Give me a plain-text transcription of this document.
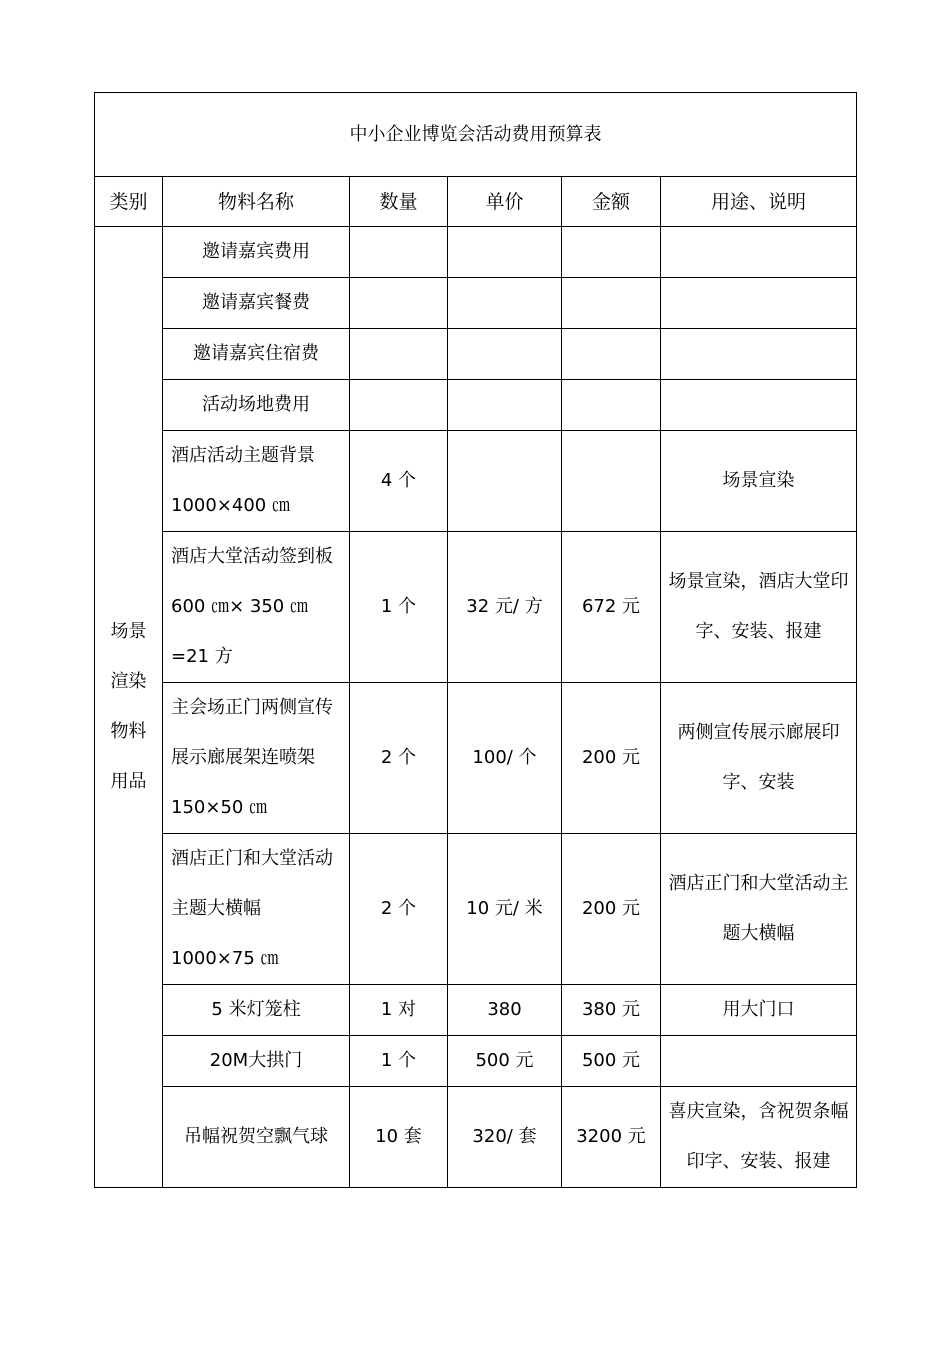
中小企业博览会活动费用预算表					
类别	物料名称	数量	单价	金额	用途、说明

场景渲染物料用品	邀请嘉宾费用				
	邀请嘉宾餐费				
	邀请嘉宾住宿费				
	活动场地费用				
	酒店活动主题背景 1000×400 ㎝	4 个			场景宣染
	酒店大堂活动签到板 600 ㎝× 350 ㎝ =21 方	1 个	32 元/ 方	672 元	场景宣染，酒店大堂印字、安装、报建
	主会场正门两侧宣传展示廊展架连喷架 150×50 ㎝	2 个	100/ 个	200 元	两侧宣传展示廊展印字、安装
	酒店正门和大堂活动主题大横幅 1000×75 ㎝	2 个	10 元/ 米	200 元	酒店正门和大堂活动主题大横幅
	5 米灯笼柱	1 对	380	380 元	用大门口
	20M大拱门	1 个	500 元	500 元	
	吊幅祝贺空飘气球	10 套	320/ 套	3200 元	喜庆宣染，含祝贺条幅印字、安装、报建
